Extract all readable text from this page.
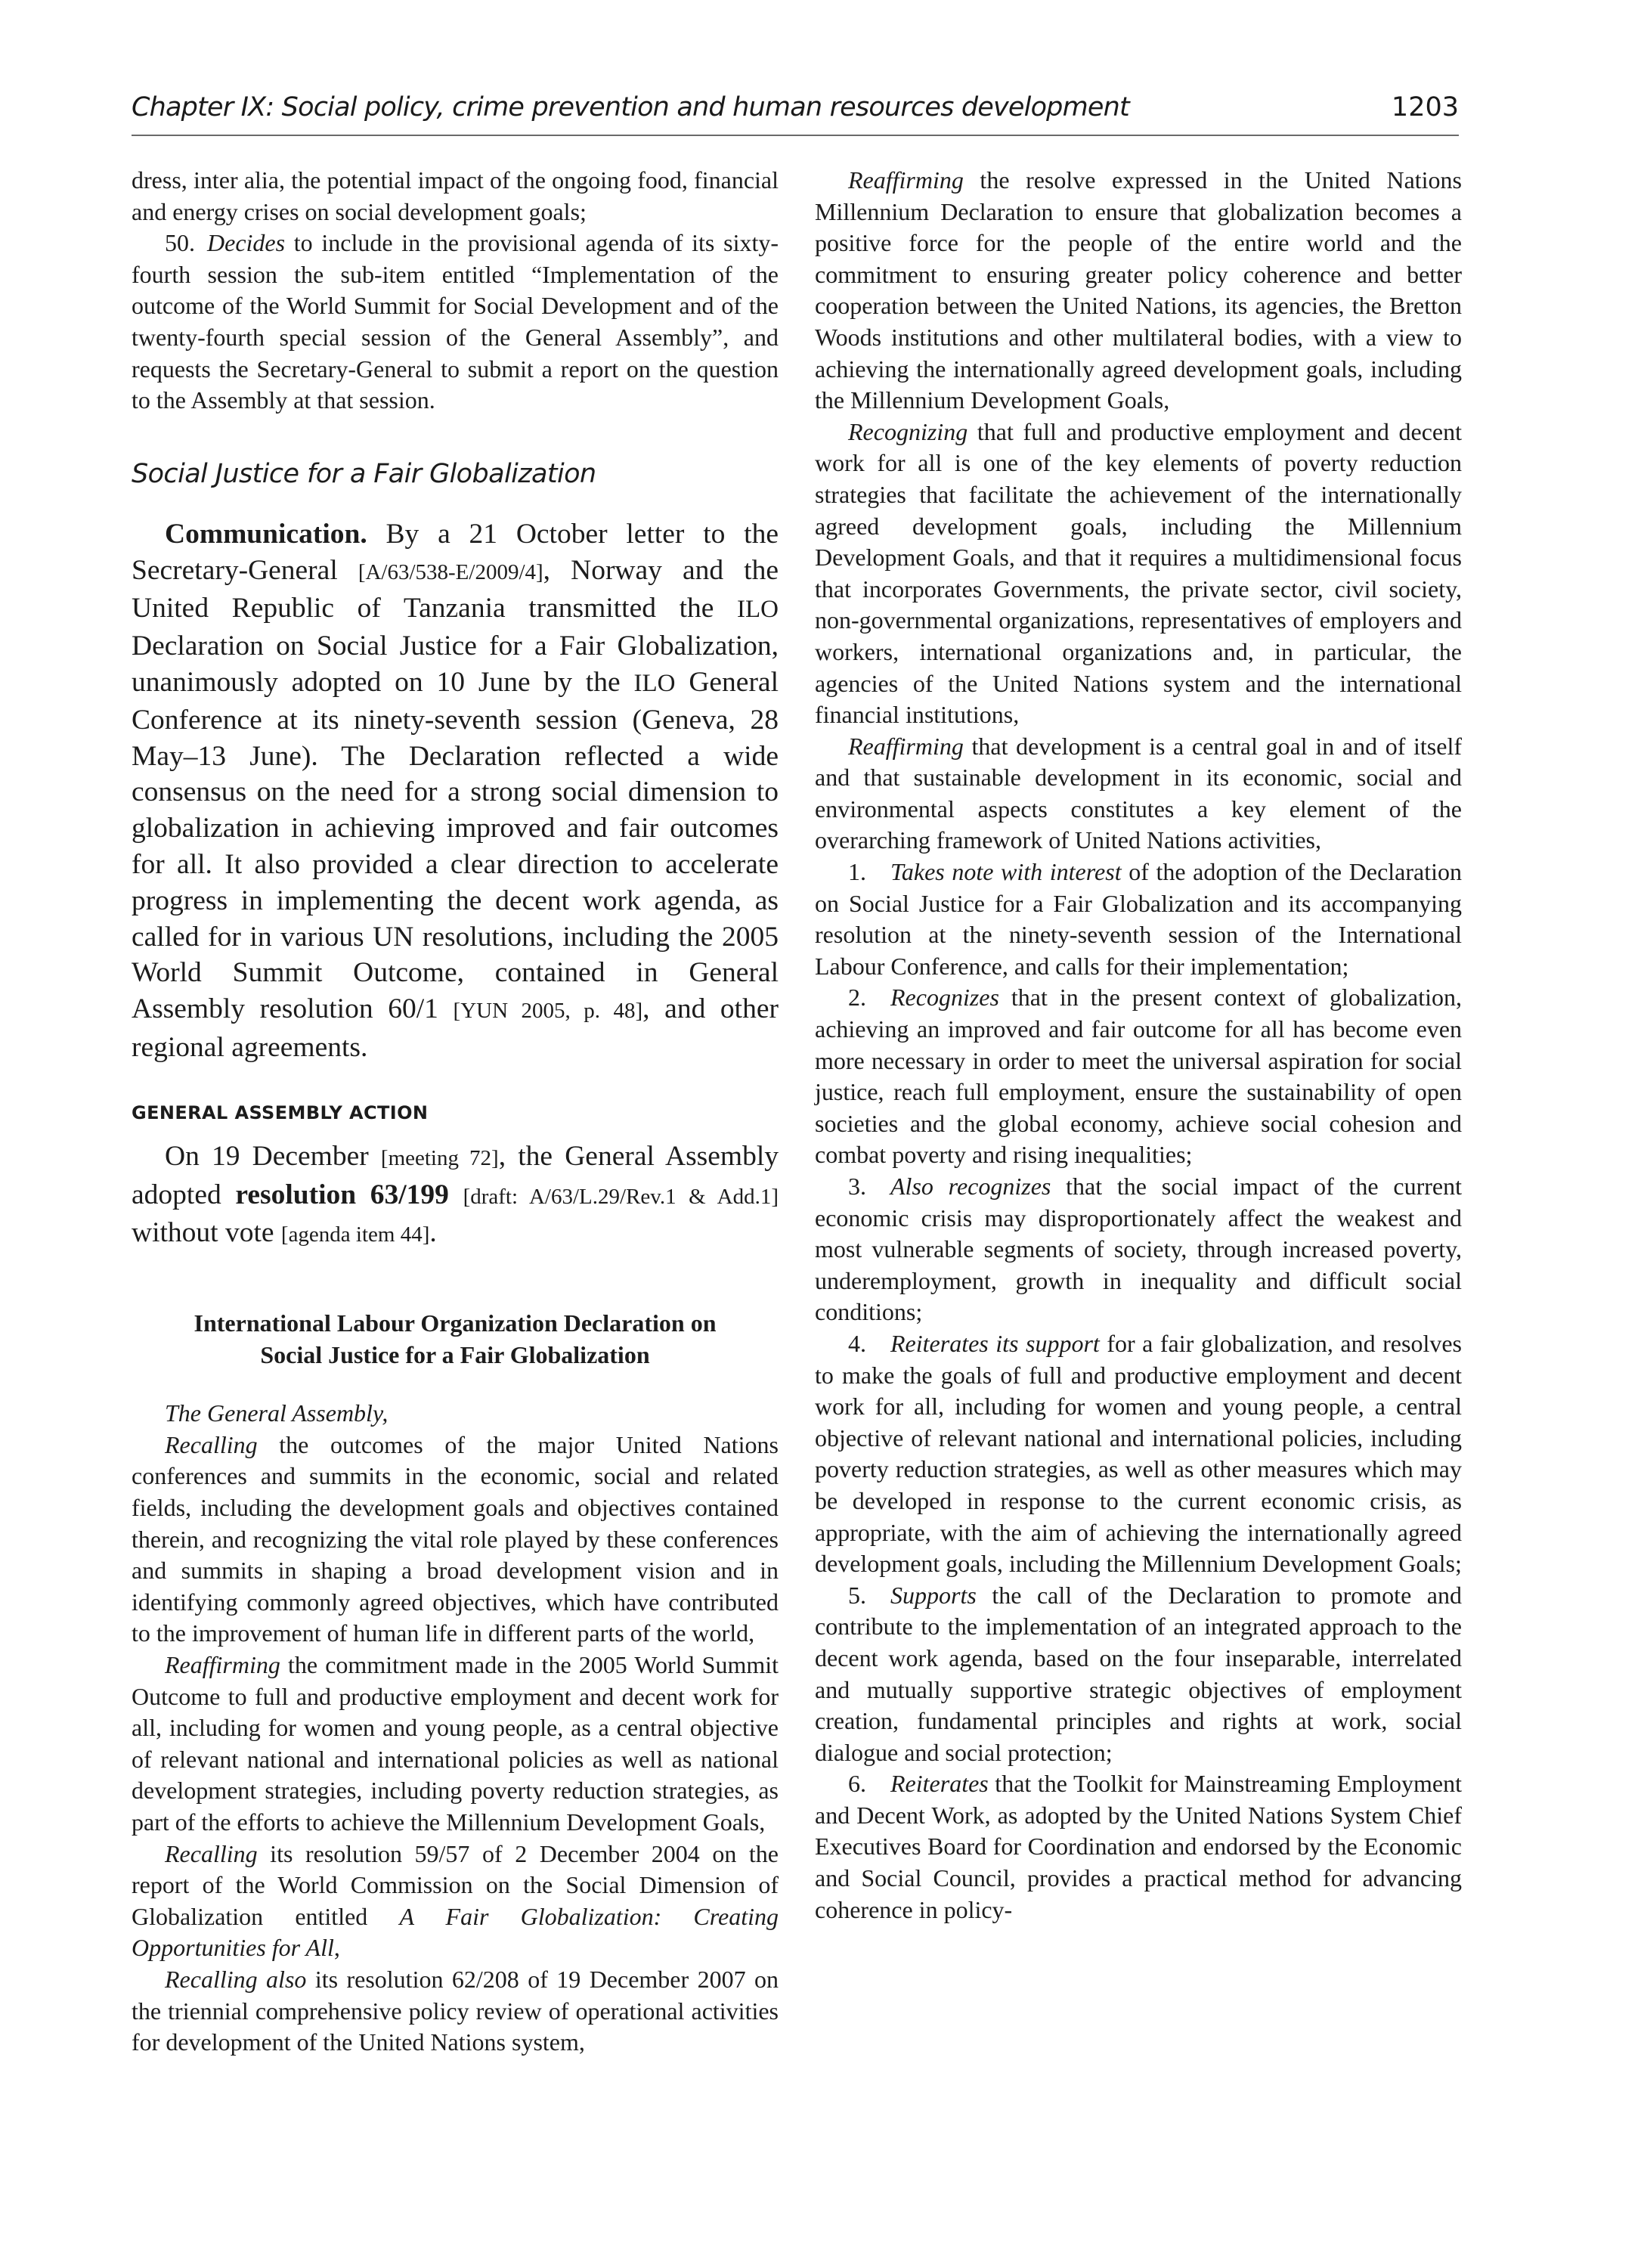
Chapter IX: Social policy, crime prevention and human resources development	1203

dress, inter alia, the potential impact of the ongoing food, financial and energy crises on social development goals;

50. Decides to include in the provisional agenda of its sixty-fourth session the sub-item entitled “Implementation of the outcome of the World Summit for Social Development and of the twenty-fourth special session of the General Assembly”, and requests the Secretary-General to submit a report on the question to the Assembly at that session.

Social Justice for a Fair Globalization

Communication. By a 21 October letter to the Secretary-General [A/63/538-E/2009/4], Norway and the United Republic of Tanzania transmitted the ILO Declaration on Social Justice for a Fair Globalization, unanimously adopted on 10 June by the ILO General Conference at its ninety-seventh session (Geneva, 28 May–13 June). The Declaration reflected a wide consensus on the need for a strong social dimension to globalization in achieving improved and fair outcomes for all. It also provided a clear direction to accelerate progress in implementing the decent work agenda, as called for in various UN resolutions, including the 2005 World Summit Outcome, contained in General Assembly resolution 60/1 [YUN 2005, p. 48], and other regional agreements.

GENERAL ASSEMBLY ACTION

On 19 December [meeting 72], the General Assembly adopted resolution 63/199 [draft: A/63/L.29/Rev.1 & Add.1] without vote [agenda item 44].

International Labour Organization Declaration on
Social Justice for a Fair Globalization

The General Assembly,

Recalling the outcomes of the major United Nations conferences and summits in the economic, social and related fields, including the development goals and objectives contained therein, and recognizing the vital role played by these conferences and summits in shaping a broad development vision and in identifying commonly agreed objectives, which have contributed to the improvement of human life in different parts of the world,

Reaffirming the commitment made in the 2005 World Summit Outcome to full and productive employment and decent work for all, including for women and young people, as a central objective of relevant national and international policies as well as national development strategies, including poverty reduction strategies, as part of the efforts to achieve the Millennium Development Goals,

Recalling its resolution 59/57 of 2 December 2004 on the report of the World Commission on the Social Dimension of Globalization entitled A Fair Globalization: Creating Opportunities for All,

Recalling also its resolution 62/208 of 19 December 2007 on the triennial comprehensive policy review of operational activities for development of the United Nations system,

Reaffirming the resolve expressed in the United Nations Millennium Declaration to ensure that globalization becomes a positive force for the people of the entire world and the commitment to ensuring greater policy coherence and better cooperation between the United Nations, its agencies, the Bretton Woods institutions and other multilateral bodies, with a view to achieving the internationally agreed development goals, including the Millennium Development Goals,

Recognizing that full and productive employment and decent work for all is one of the key elements of poverty reduction strategies that facilitate the achievement of the internationally agreed development goals, including the Millennium Development Goals, and that it requires a multidimensional focus that incorporates Governments, the private sector, civil society, non-governmental organizations, representatives of employers and workers, international organizations and, in particular, the agencies of the United Nations system and the international financial institutions,

Reaffirming that development is a central goal in and of itself and that sustainable development in its economic, social and environmental aspects constitutes a key element of the overarching framework of United Nations activities,

1. Takes note with interest of the adoption of the Declaration on Social Justice for a Fair Globalization and its accompanying resolution at the ninety-seventh session of the International Labour Conference, and calls for their implementation;

2. Recognizes that in the present context of globalization, achieving an improved and fair outcome for all has become even more necessary in order to meet the universal aspiration for social justice, reach full employment, ensure the sustainability of open societies and the global economy, achieve social cohesion and combat poverty and rising inequalities;

3. Also recognizes that the social impact of the current economic crisis may disproportionately affect the weakest and most vulnerable segments of society, through increased poverty, underemployment, growth in inequality and difficult social conditions;

4. Reiterates its support for a fair globalization, and resolves to make the goals of full and productive employment and decent work for all, including for women and young people, a central objective of relevant national and international policies, including poverty reduction strategies, as well as other measures which may be developed in response to the current economic crisis, as appropriate, with the aim of achieving the internationally agreed development goals, including the Millennium Development Goals;

5. Supports the call of the Declaration to promote and contribute to the implementation of an integrated approach to the decent work agenda, based on the four inseparable, interrelated and mutually supportive strategic objectives of employment creation, fundamental principles and rights at work, social dialogue and social protection;

6. Reiterates that the Toolkit for Mainstreaming Employment and Decent Work, as adopted by the United Nations System Chief Executives Board for Coordination and endorsed by the Economic and Social Council, provides a practical method for advancing coherence in policy-
